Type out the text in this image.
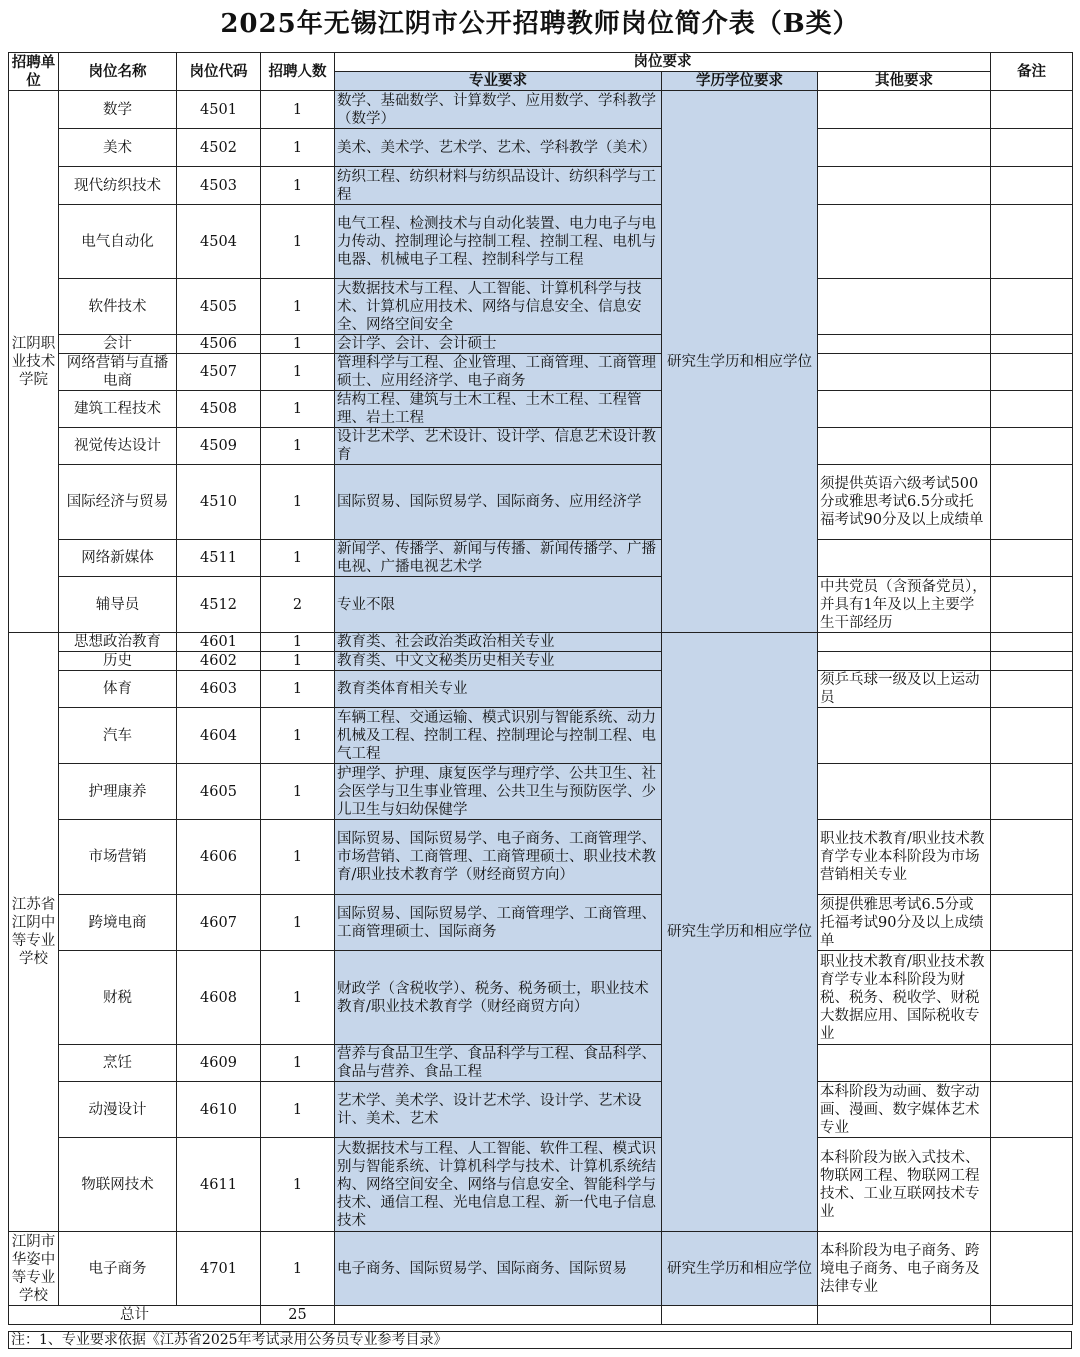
2025年无锡江阴市公开招聘教师岗位简介表（B类）
招聘单位	岗位名称	岗位代码	招聘人数	岗位要求			备注
				专业要求	学历学位要求	其他要求	
江阴职业技术学院	数学	4501	1	数学、基础数学、计算数学、应用数学、学科教学（数学）	研究生学历和相应学位		
	美术	4502	1	美术、美术学、艺术学、艺术、学科教学（美术）			
	现代纺织技术	4503	1	纺织工程、纺织材料与纺织品设计、纺织科学与工程			
	电气自动化	4504	1	电气工程、检测技术与自动化装置、电力电子与电力传动、控制理论与控制工程、控制工程、电机与电器、机械电子工程、控制科学与工程			
	软件技术	4505	1	大数据技术与工程、人工智能、计算机科学与技术、计算机应用技术、网络与信息安全、信息安全、网络空间安全			
	会计	4506	1	会计学、会计、会计硕士			
	网络营销与直播电商	4507	1	管理科学与工程、企业管理、工商管理、工商管理硕士、应用经济学、电子商务			
	建筑工程技术	4508	1	结构工程、建筑与土木工程、土木工程、工程管理、岩土工程			
	视觉传达设计	4509	1	设计艺术学、艺术设计、设计学、信息艺术设计教育			
	国际经济与贸易	4510	1	国际贸易、国际贸易学、国际商务、应用经济学		须提供英语六级考试500分或雅思考试6.5分或托福考试90分及以上成绩单	
	网络新媒体	4511	1	新闻学、传播学、新闻与传播、新闻传播学、广播电视、广播电视艺术学			
	辅导员	4512	2	专业不限		中共党员（含预备党员），并具有1年及以上主要学生干部经历	
江苏省江阴中等专业学校	思想政治教育	4601	1	教育类、社会政治类政治相关专业	研究生学历和相应学位		
	历史	4602	1	教育类、中文文秘类历史相关专业			
	体育	4603	1	教育类体育相关专业		须乒乓球一级及以上运动员	
	汽车	4604	1	车辆工程、交通运输、模式识别与智能系统、动力机械及工程、控制工程、控制理论与控制工程、电气工程			
	护理康养	4605	1	护理学、护理、康复医学与理疗学、公共卫生、社会医学与卫生事业管理、公共卫生与预防医学、少儿卫生与妇幼保健学			
	市场营销	4606	1	国际贸易、国际贸易学、电子商务、工商管理学、市场营销、工商管理、工商管理硕士、职业技术教育/职业技术教育学（财经商贸方向）		职业技术教育/职业技术教育学专业本科阶段为市场营销相关专业	
	跨境电商	4607	1	国际贸易、国际贸易学、工商管理学、工商管理、工商管理硕士、国际商务		须提供雅思考试6.5分或托福考试90分及以上成绩单	
	财税	4608	1	财政学（含税收学）、税务、税务硕士，职业技术教育/职业技术教育学（财经商贸方向）		职业技术教育/职业技术教育学专业本科阶段为财税、税务、税收学、财税大数据应用、国际税收专业	
	烹饪	4609	1	营养与食品卫生学、食品科学与工程、食品科学、食品与营养、食品工程			
	动漫设计	4610	1	艺术学、美术学、设计艺术学、设计学、艺术设计、美术、艺术		本科阶段为动画、数字动画、漫画、数字媒体艺术专业	
	物联网技术	4611	1	大数据技术与工程、人工智能、软件工程、模式识别与智能系统、计算机科学与技术、计算机系统结构、网络空间安全、网络与信息安全、智能科学与技术、通信工程、光电信息工程、新一代电子信息技术		本科阶段为嵌入式技术、物联网工程、物联网工程技术、工业互联网技术专业	
江阴市华姿中等专业学校	电子商务	4701	1	电子商务、国际贸易学、国际商务、国际贸易	研究生学历和相应学位	本科阶段为电子商务、跨境电子商务、电子商务及法律专业	
总计			25				
注：1、专业要求依据《江苏省2025年考试录用公务员专业参考目录》
